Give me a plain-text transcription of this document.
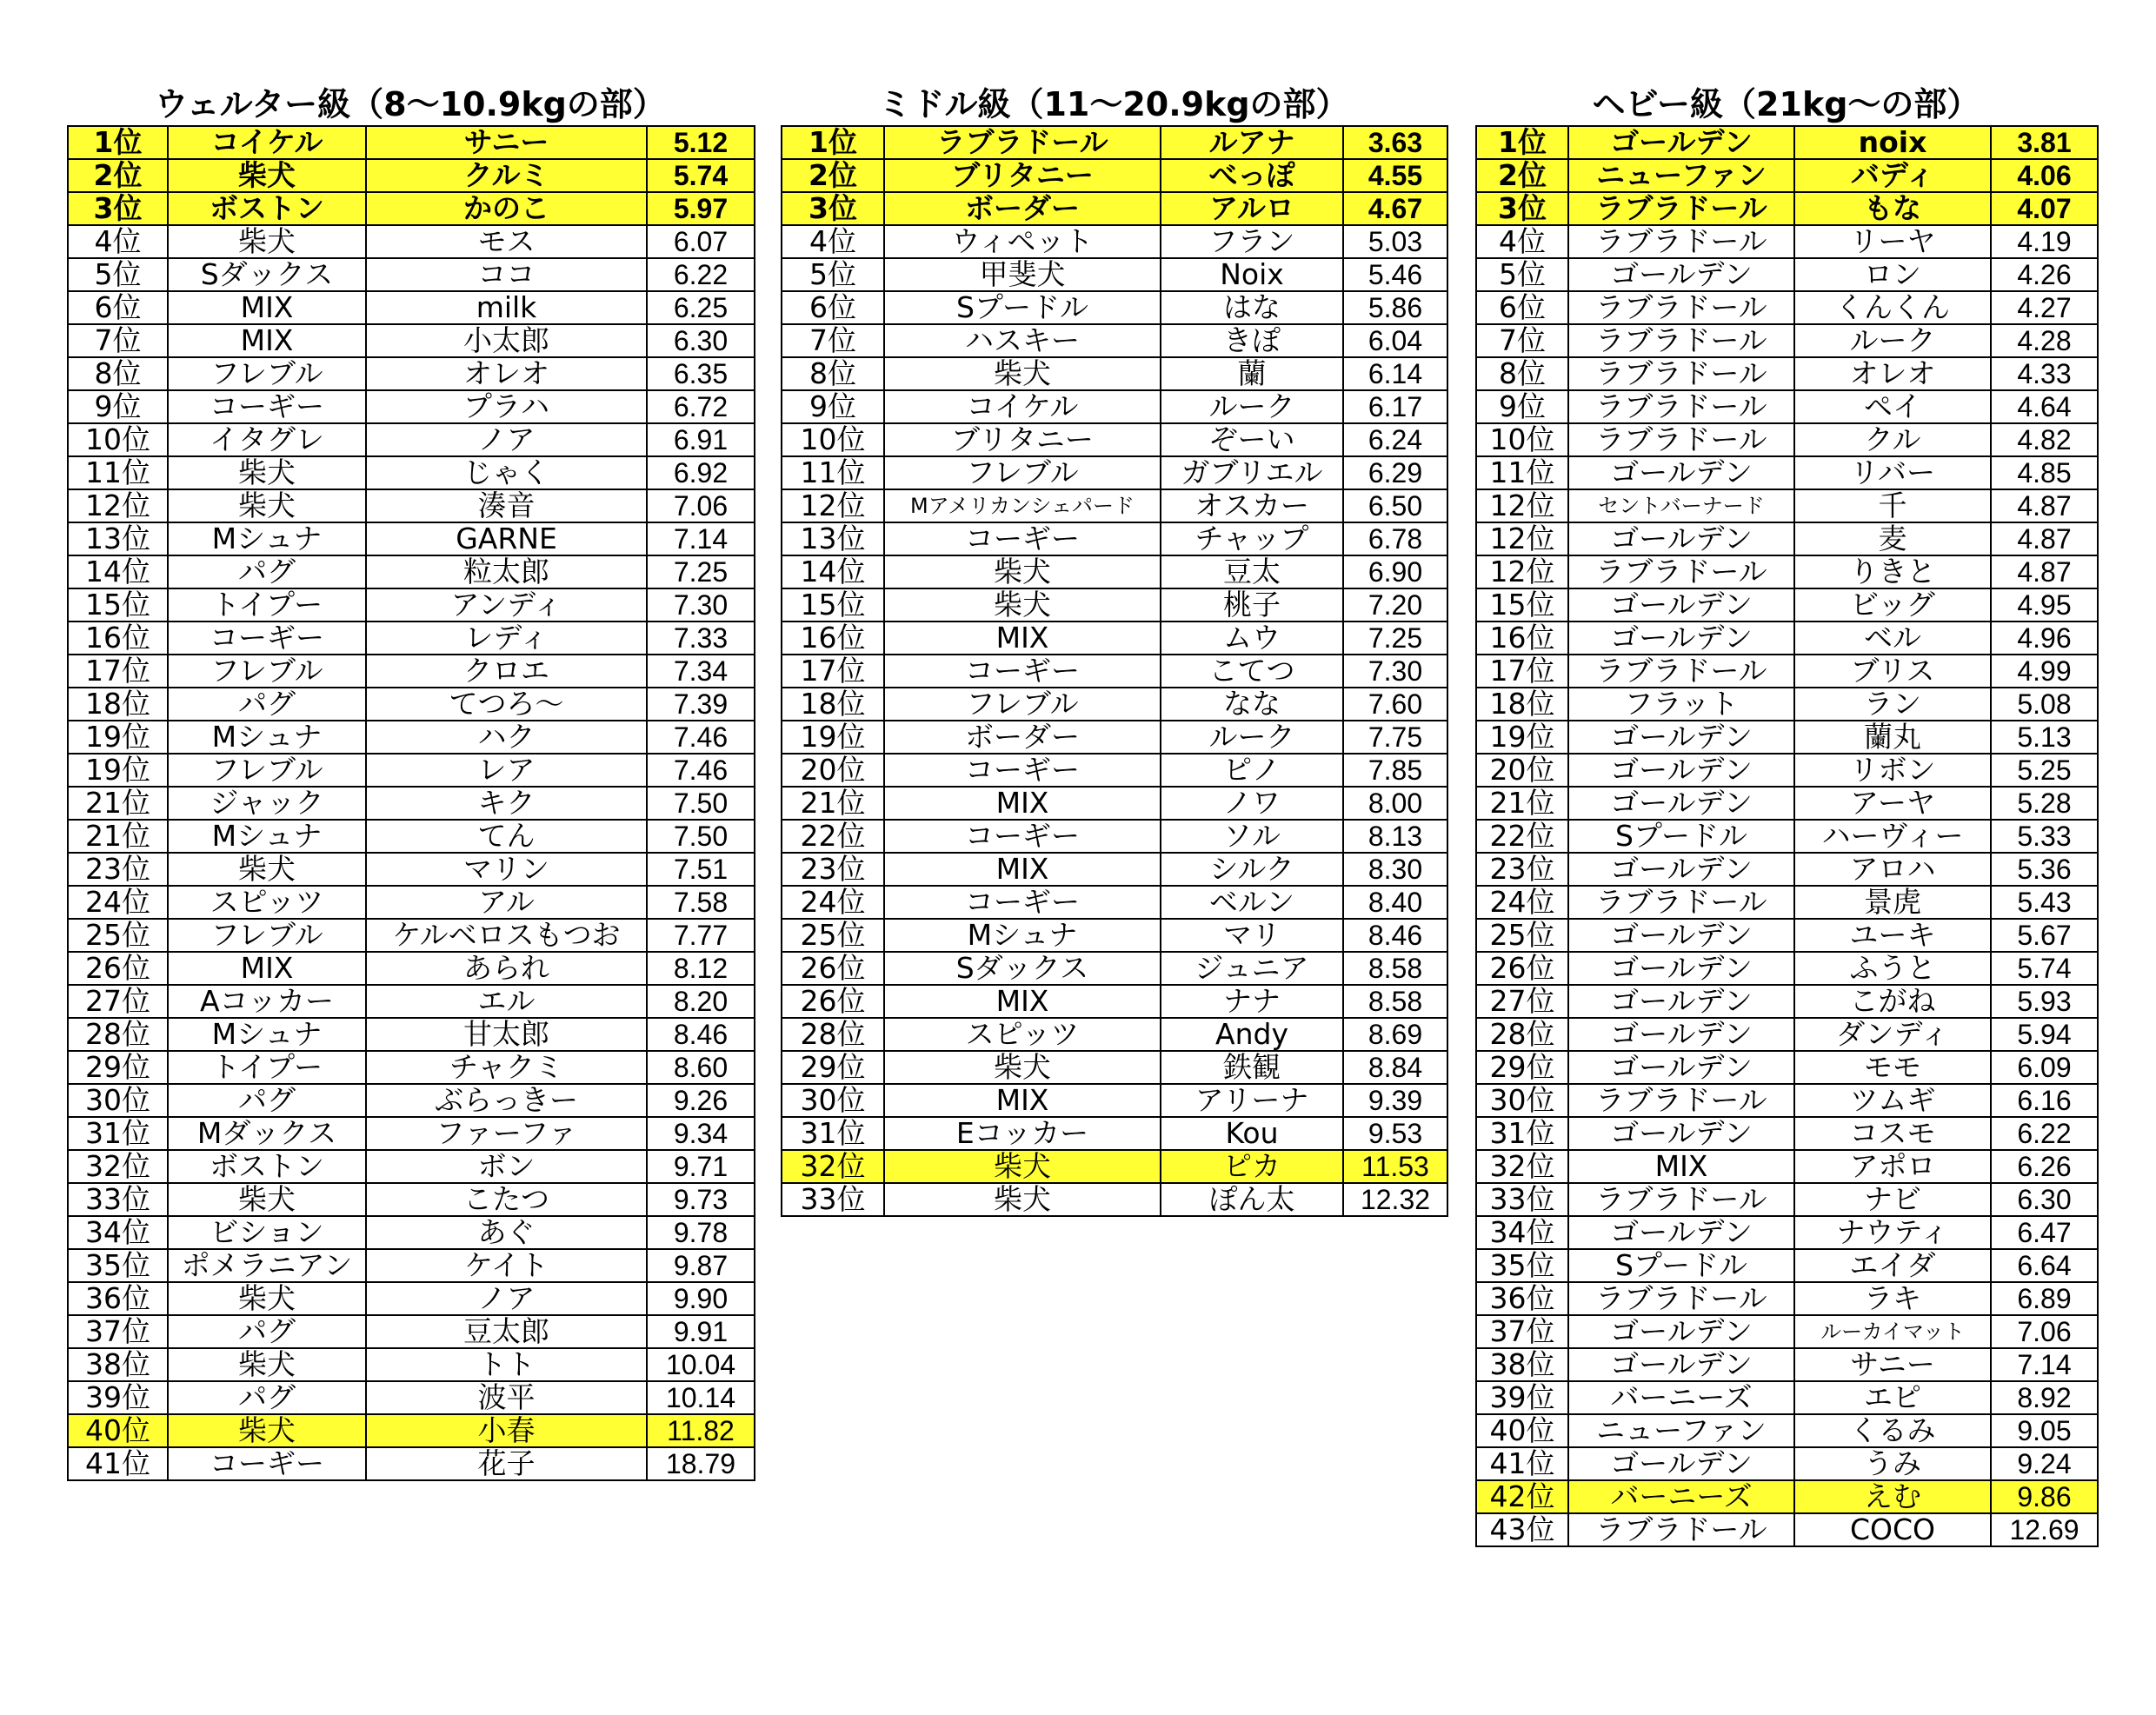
ウェルター級（8～10.9kgの部）
1位	コイケル	サニー	5.12
2位	柴犬	クルミ	5.74
3位	ボストン	かのこ	5.97
4位	柴犬	モス	6.07
5位	Sダックス	ココ	6.22
6位	MIX	milk	6.25
7位	MIX	小太郎	6.30
8位	フレブル	オレオ	6.35
9位	コーギー	プラハ	6.72
10位	イタグレ	ノア	6.91
11位	柴犬	じゃく	6.92
12位	柴犬	湊音	7.06
13位	Mシュナ	GARNE	7.14
14位	パグ	粒太郎	7.25
15位	トイプー	アンディ	7.30
16位	コーギー	レディ	7.33
17位	フレブル	クロエ	7.34
18位	パグ	てつろ～	7.39
19位	Mシュナ	ハク	7.46
19位	フレブル	レア	7.46
21位	ジャック	キク	7.50
21位	Mシュナ	てん	7.50
23位	柴犬	マリン	7.51
24位	スピッツ	アル	7.58
25位	フレブル	ケルベロスもつお	7.77
26位	MIX	あられ	8.12
27位	Aコッカー	エル	8.20
28位	Mシュナ	甘太郎	8.46
29位	トイプー	チャクミ	8.60
30位	パグ	ぶらっきー	9.26
31位	Mダックス	ファーファ	9.34
32位	ボストン	ボン	9.71
33位	柴犬	こたつ	9.73
34位	ビション	あぐ	9.78
35位	ポメラニアン	ケイト	9.87
36位	柴犬	ノア	9.90
37位	パグ	豆太郎	9.91
38位	柴犬	トト	10.04
39位	パグ	波平	10.14
40位	柴犬	小春	11.82
41位	コーギー	花子	18.79
ミドル級（11～20.9kgの部）
1位	ラブラドール	ルアナ	3.63
2位	ブリタニー	べっぽ	4.55
3位	ボーダー	アルロ	4.67
4位	ウィペット	フラン	5.03
5位	甲斐犬	Noix	5.46
6位	Sプードル	はな	5.86
7位	ハスキー	きぽ	6.04
8位	柴犬	蘭	6.14
9位	コイケル	ルーク	6.17
10位	ブリタニー	ぞーい	6.24
11位	フレブル	ガブリエル	6.29
12位	Mアメリカンシェパード	オスカー	6.50
13位	コーギー	チャップ	6.78
14位	柴犬	豆太	6.90
15位	柴犬	桃子	7.20
16位	MIX	ムウ	7.25
17位	コーギー	こてつ	7.30
18位	フレブル	なな	7.60
19位	ボーダー	ルーク	7.75
20位	コーギー	ピノ	7.85
21位	MIX	ノワ	8.00
22位	コーギー	ソル	8.13
23位	MIX	シルク	8.30
24位	コーギー	ベルン	8.40
25位	Mシュナ	マリ	8.46
26位	Sダックス	ジュニア	8.58
26位	MIX	ナナ	8.58
28位	スピッツ	Andy	8.69
29位	柴犬	鉄観	8.84
30位	MIX	アリーナ	9.39
31位	Eコッカー	Kou	9.53
32位	柴犬	ピカ	11.53
33位	柴犬	ぽん太	12.32
ヘビー級（21kg～の部）
1位	ゴールデン	noix	3.81
2位	ニューファン	バディ	4.06
3位	ラブラドール	もな	4.07
4位	ラブラドール	リーヤ	4.19
5位	ゴールデン	ロン	4.26
6位	ラブラドール	くんくん	4.27
7位	ラブラドール	ルーク	4.28
8位	ラブラドール	オレオ	4.33
9位	ラブラドール	ペイ	4.64
10位	ラブラドール	クル	4.82
11位	ゴールデン	リバー	4.85
12位	セントバーナード	千	4.87
12位	ゴールデン	麦	4.87
12位	ラブラドール	りきと	4.87
15位	ゴールデン	ビッグ	4.95
16位	ゴールデン	ベル	4.96
17位	ラブラドール	ブリス	4.99
18位	フラット	ラン	5.08
19位	ゴールデン	蘭丸	5.13
20位	ゴールデン	リボン	5.25
21位	ゴールデン	アーヤ	5.28
22位	Sプードル	ハーヴィー	5.33
23位	ゴールデン	アロハ	5.36
24位	ラブラドール	景虎	5.43
25位	ゴールデン	ユーキ	5.67
26位	ゴールデン	ふうと	5.74
27位	ゴールデン	こがね	5.93
28位	ゴールデン	ダンディ	5.94
29位	ゴールデン	モモ	6.09
30位	ラブラドール	ツムギ	6.16
31位	ゴールデン	コスモ	6.22
32位	MIX	アポロ	6.26
33位	ラブラドール	ナビ	6.30
34位	ゴールデン	ナウティ	6.47
35位	Sプードル	エイダ	6.64
36位	ラブラドール	ラキ	6.89
37位	ゴールデン	ルーカイマット	7.06
38位	ゴールデン	サニー	7.14
39位	バーニーズ	エピ	8.92
40位	ニューファン	くるみ	9.05
41位	ゴールデン	うみ	9.24
42位	バーニーズ	えむ	9.86
43位	ラブラドール	COCO	12.69
